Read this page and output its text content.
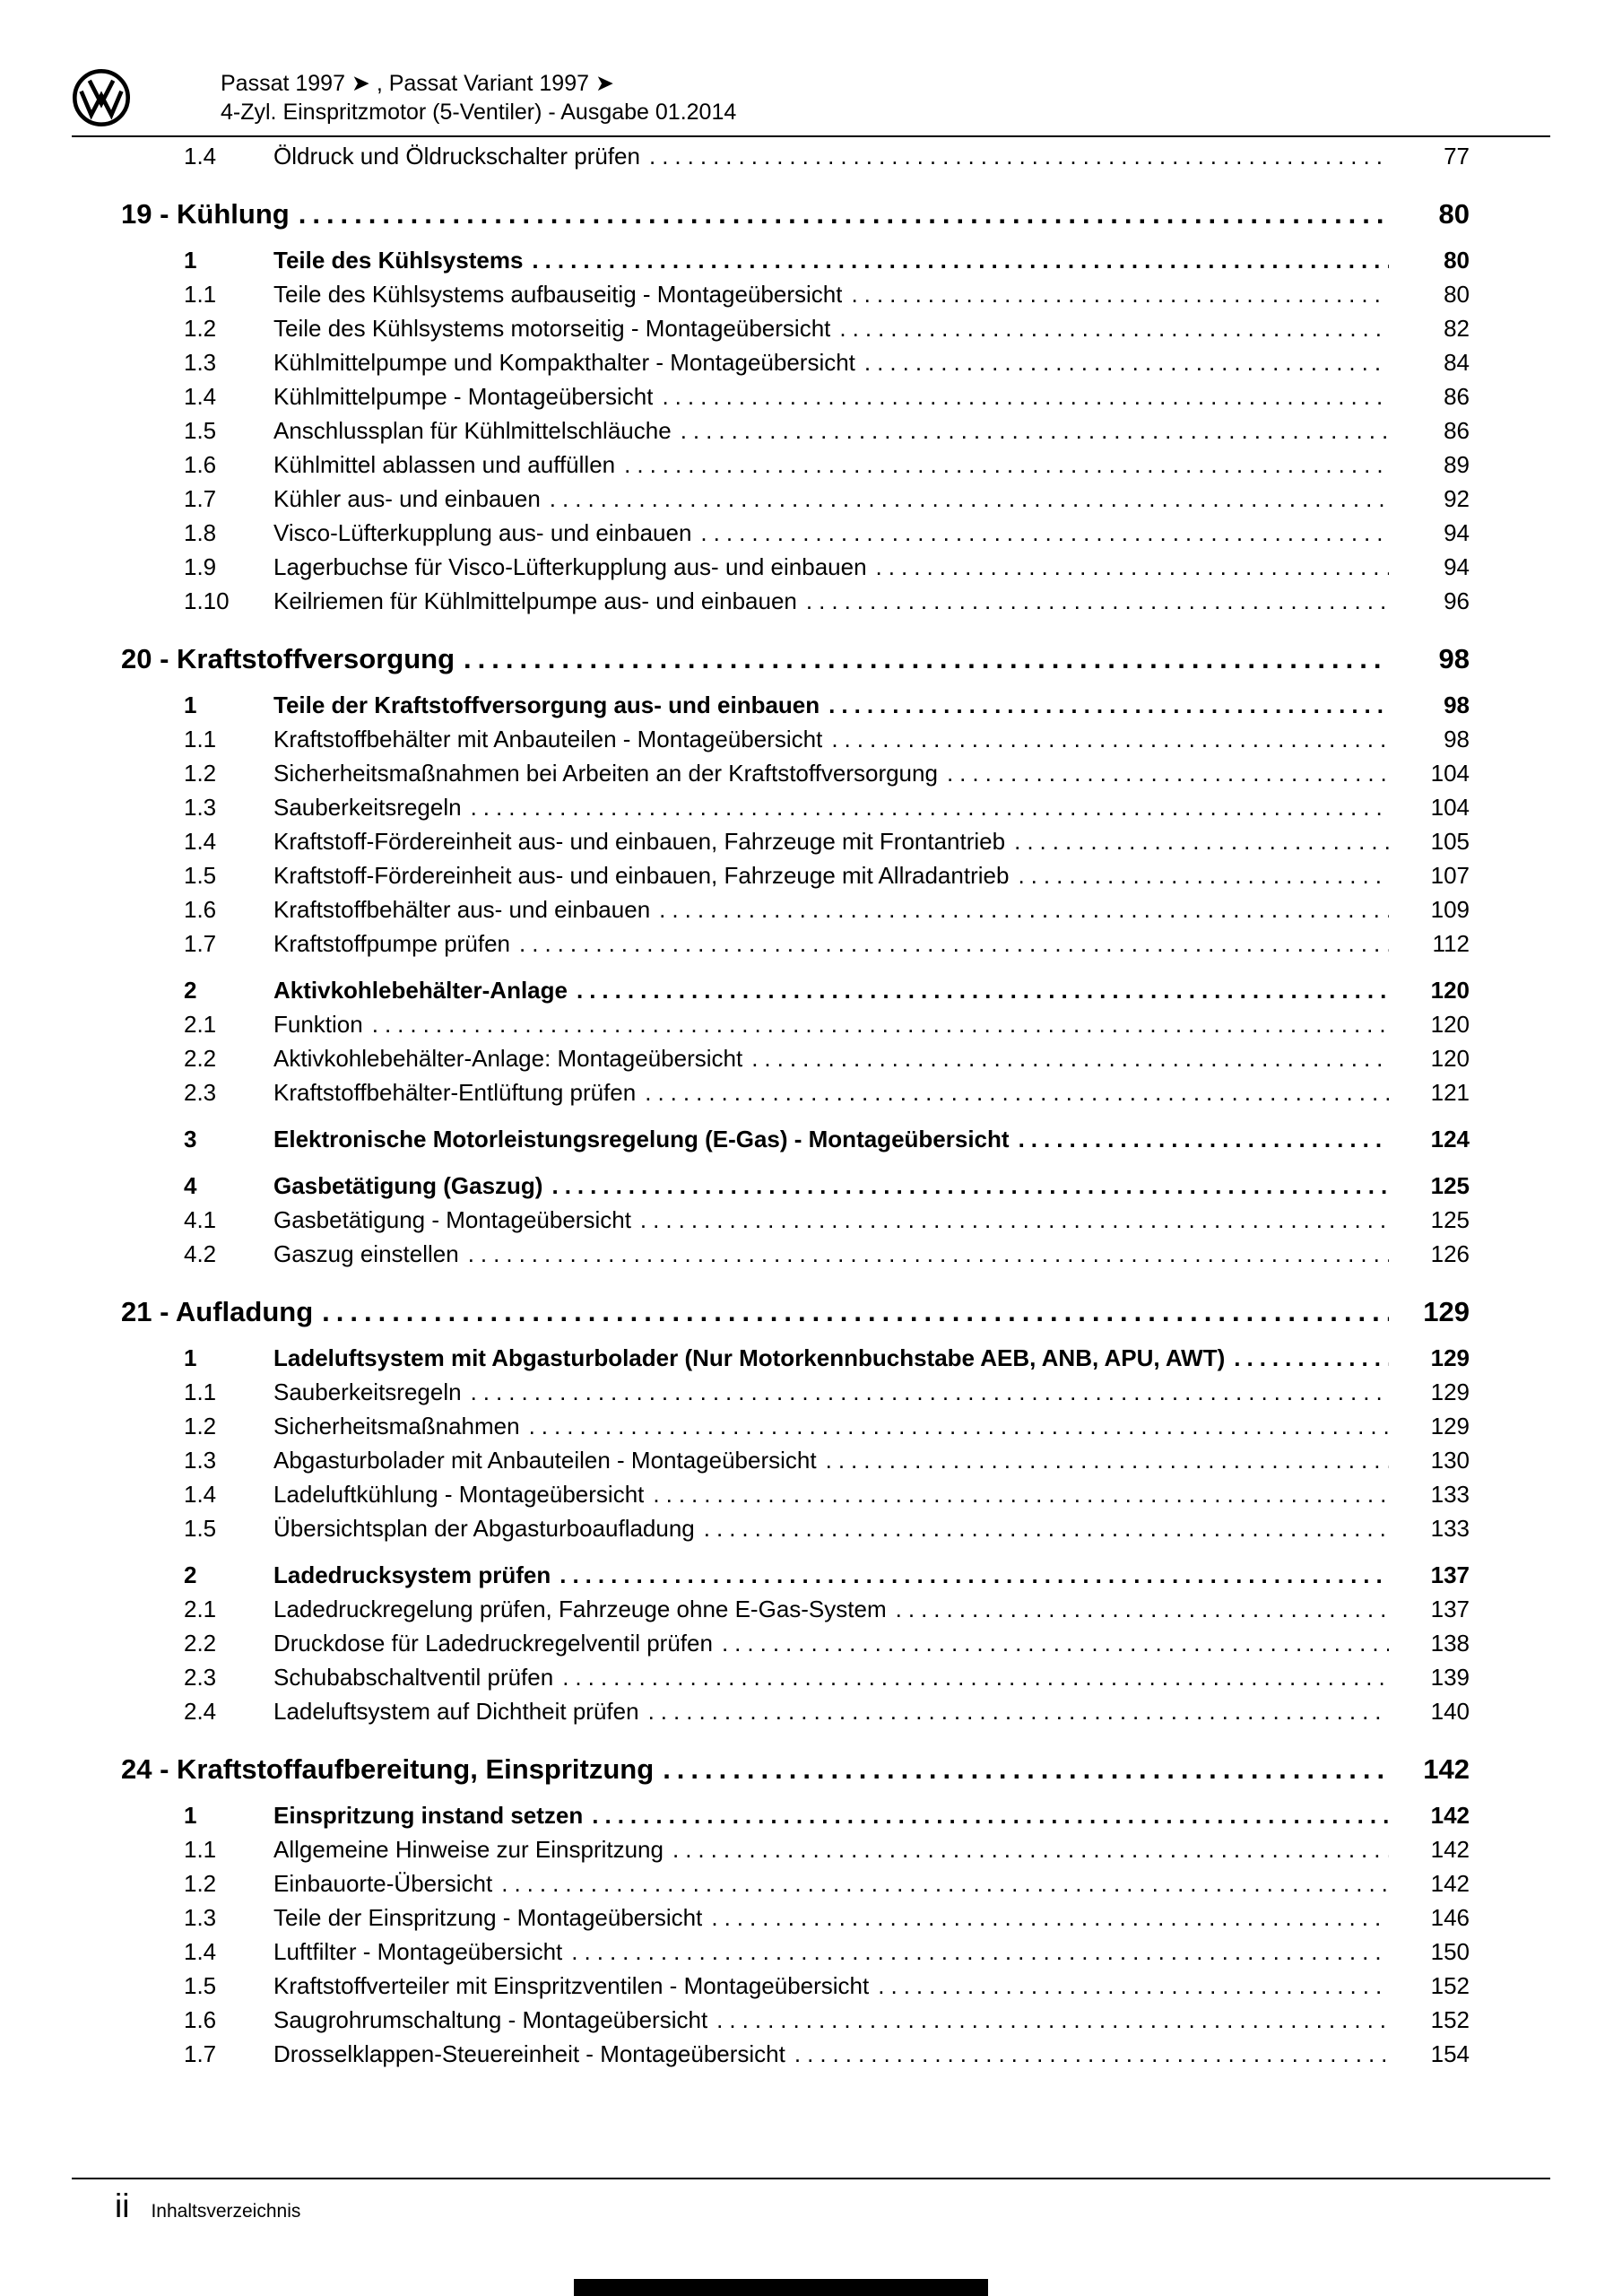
Passat 1997 ➤ , Passat Variant 1997 ➤
4-Zyl. Einspritzmotor (5-Ventiler) - Ausgabe 01.2014
1.4	Öldruck und Öldruckschalter prüfen .....	77
19 - Kühlung .....	80
1	Teile des Kühlsystems .....	80
1.1	Teile des Kühlsystems aufbauseitig - Montageübersicht .....	80
1.2	Teile des Kühlsystems motorseitig - Montageübersicht .....	82
1.3	Kühlmittelpumpe und Kompakthalter - Montageübersicht .....	84
1.4	Kühlmittelpumpe - Montageübersicht .....	86
1.5	Anschlussplan für Kühlmittelschläuche .....	86
1.6	Kühlmittel ablassen und auffüllen .....	89
1.7	Kühler aus- und einbauen .....	92
1.8	Visco-Lüfterkupplung aus- und einbauen .....	94
1.9	Lagerbuchse für Visco-Lüfterkupplung aus- und einbauen .....	94
1.10	Keilriemen für Kühlmittelpumpe aus- und einbauen .....	96
20 - Kraftstoffversorgung .....	98
1	Teile der Kraftstoffversorgung aus- und einbauen .....	98
1.1	Kraftstoffbehälter mit Anbauteilen - Montageübersicht .....	98
1.2	Sicherheitsmaßnahmen bei Arbeiten an der Kraftstoffversorgung .....	104
1.3	Sauberkeitsregeln .....	104
1.4	Kraftstoff-Fördereinheit aus- und einbauen, Fahrzeuge mit Frontantrieb .....	105
1.5	Kraftstoff-Fördereinheit aus- und einbauen, Fahrzeuge mit Allradantrieb .....	107
1.6	Kraftstoffbehälter aus- und einbauen .....	109
1.7	Kraftstoffpumpe prüfen .....	112
2	Aktivkohlebehälter-Anlage .....	120
2.1	Funktion .....	120
2.2	Aktivkohlebehälter-Anlage: Montageübersicht .....	120
2.3	Kraftstoffbehälter-Entlüftung prüfen .....	121
3	Elektronische Motorleistungsregelung (E-Gas) - Montageübersicht .....	124
4	Gasbetätigung (Gaszug) .....	125
4.1	Gasbetätigung - Montageübersicht .....	125
4.2	Gaszug einstellen .....	126
21 - Aufladung .....	129
1	Ladeluftsystem mit Abgasturbolader (Nur Motorkennbuchstabe AEB, ANB, APU, AWT) .....	129
1.1	Sauberkeitsregeln .....	129
1.2	Sicherheitsmaßnahmen .....	129
1.3	Abgasturbolader mit Anbauteilen - Montageübersicht .....	130
1.4	Ladeluftkühlung - Montageübersicht .....	133
1.5	Übersichtsplan der Abgasturboaufladung .....	133
2	Ladedrucksystem prüfen .....	137
2.1	Ladedruckregelung prüfen, Fahrzeuge ohne E-Gas-System .....	137
2.2	Druckdose für Ladedruckregelventil prüfen .....	138
2.3	Schubabschaltventil prüfen .....	139
2.4	Ladeluftsystem auf Dichtheit prüfen .....	140
24 - Kraftstoffaufbereitung, Einspritzung .....	142
1	Einspritzung instand setzen .....	142
1.1	Allgemeine Hinweise zur Einspritzung .....	142
1.2	Einbauorte-Übersicht .....	142
1.3	Teile der Einspritzung - Montageübersicht .....	146
1.4	Luftfilter - Montageübersicht .....	150
1.5	Kraftstoffverteiler mit Einspritzventilen - Montageübersicht .....	152
1.6	Saugrohrumschaltung - Montageübersicht .....	152
1.7	Drosselklappen-Steuereinheit - Montageübersicht .....	154
ii Inhaltsverzeichnis
